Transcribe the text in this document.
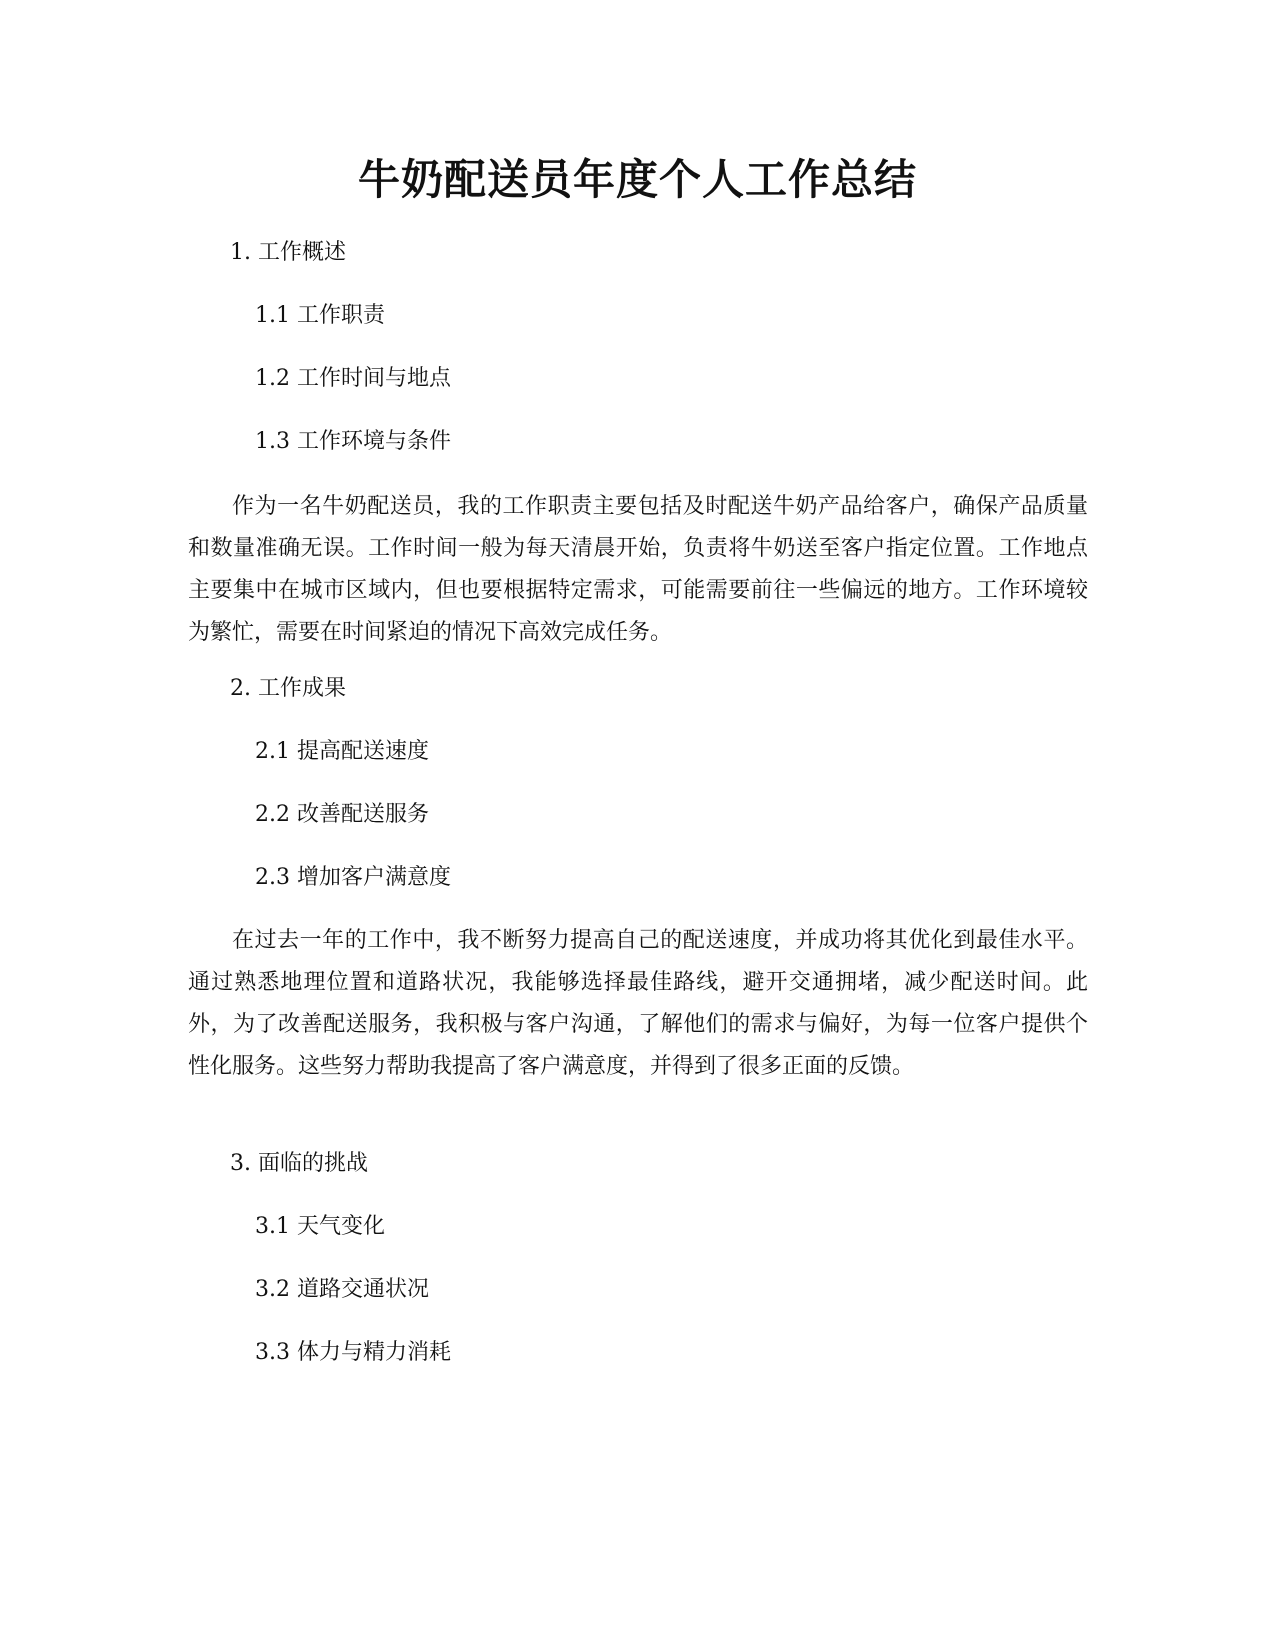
牛奶配送员年度个人工作总结

1. 工作概述

1.1 工作职责

1.2 工作时间与地点

1.3 工作环境与条件

作为一名牛奶配送员，我的工作职责主要包括及时配送牛奶产品给客户，确保产品质量和数量准确无误。工作时间一般为每天清晨开始，负责将牛奶送至客户指定位置。工作地点主要集中在城市区域内，但也要根据特定需求，可能需要前往一些偏远的地方。工作环境较为繁忙，需要在时间紧迫的情况下高效完成任务。

2. 工作成果

2.1 提高配送速度

2.2 改善配送服务

2.3 增加客户满意度

在过去一年的工作中，我不断努力提高自己的配送速度，并成功将其优化到最佳水平。通过熟悉地理位置和道路状况，我能够选择最佳路线，避开交通拥堵，减少配送时间。此外，为了改善配送服务，我积极与客户沟通，了解他们的需求与偏好，为每一位客户提供个性化服务。这些努力帮助我提高了客户满意度，并得到了很多正面的反馈。

3. 面临的挑战

3.1 天气变化

3.2 道路交通状况

3.3 体力与精力消耗
